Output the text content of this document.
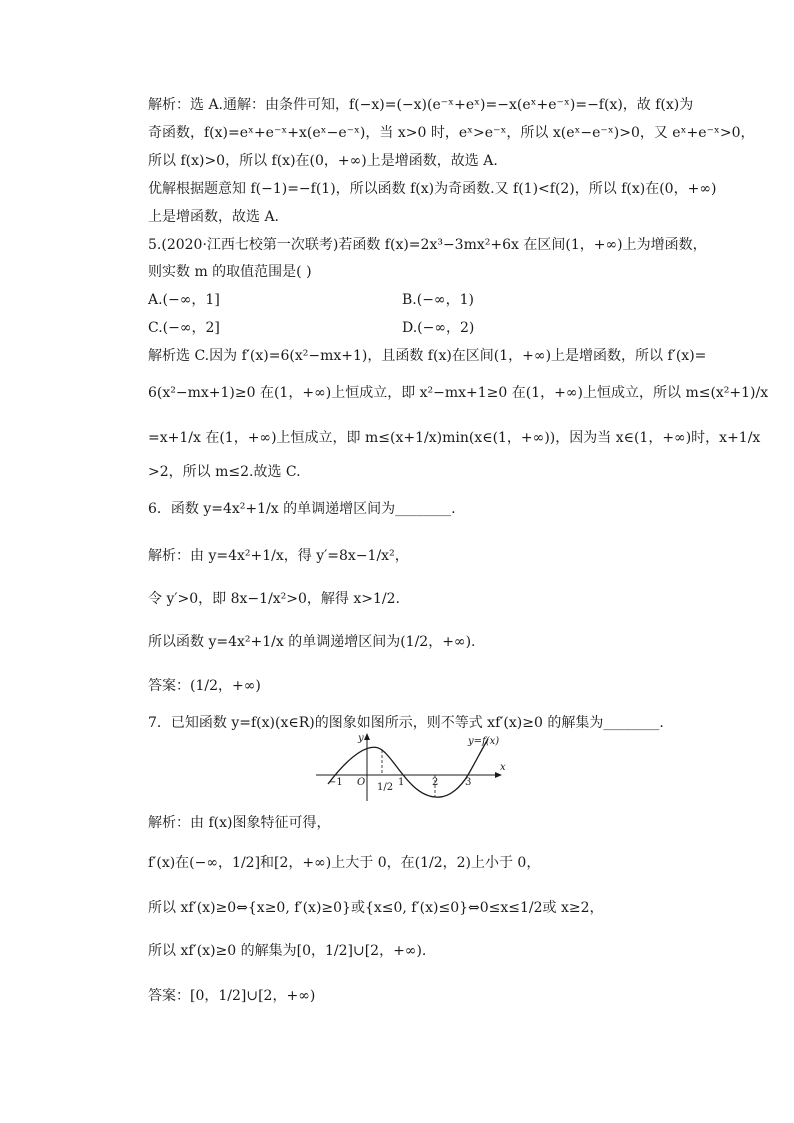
解析：选 A.通解：由条件可知，f(−x)=(−x)(e⁻ˣ+eˣ)=−x(eˣ+e⁻ˣ)=−f(x)，故 f(x)为
奇函数，f(x)=eˣ+e⁻ˣ+x(eˣ−e⁻ˣ)，当 x>0 时，eˣ>e⁻ˣ，所以 x(eˣ−e⁻ˣ)>0，又 eˣ+e⁻ˣ>0，
所以 f(x)>0，所以 f(x)在(0，+∞)上是增函数，故选 A.
优解根据题意知 f(−1)=−f(1)，所以函数 f(x)为奇函数.又 f(1)<f(2)，所以 f(x)在(0，+∞)
上是增函数，故选 A.
5.(2020·江西七校第一次联考)若函数 f(x)=2x³−3mx²+6x 在区间(1，+∞)上为增函数，
则实数 m 的取值范围是( )
A.(−∞，1]	B.(−∞，1)
C.(−∞，2]	D.(−∞，2)
解析选 C.因为 f′(x)=6(x²−mx+1)，且函数 f(x)在区间(1，+∞)上是增函数，所以 f′(x)=
6(x²−mx+1)≥0 在(1，+∞)上恒成立，即 x²−mx+1≥0 在(1，+∞)上恒成立，所以 m≤(x²+1)/x
=x+1/x 在(1，+∞)上恒成立，即 m≤(x+1/x)min(x∈(1，+∞))，因为当 x∈(1，+∞)时，x+1/x
>2，所以 m≤2.故选 C.
6．函数 y=4x²+1/x 的单调递增区间为________.
解析：由 y=4x²+1/x，得 y′=8x−1/x²，
令 y′>0，即 8x−1/x²>0，解得 x>1/2.
所以函数 y=4x²+1/x 的单调递增区间为(1/2，+∞).
答案：(1/2，+∞)
7．已知函数 y=f(x)(x∈R)的图象如图所示，则不等式 xf′(x)≥0 的解集为________.
解析：由 f(x)图象特征可得，
f′(x)在(−∞，1/2]和[2，+∞)上大于 0，在(1/2，2)上小于 0，
所以 xf′(x)≥0⇔{x≥0, f′(x)≥0}或{x≤0, f′(x)≤0}⇔0≤x≤1/2或 x≥2，
所以 xf′(x)≥0 的解集为[0，1/2]∪[2，+∞).
答案：[0，1/2]∪[2，+∞)
y
x
O
y=f(x)
−1	1/2 1	2	3
